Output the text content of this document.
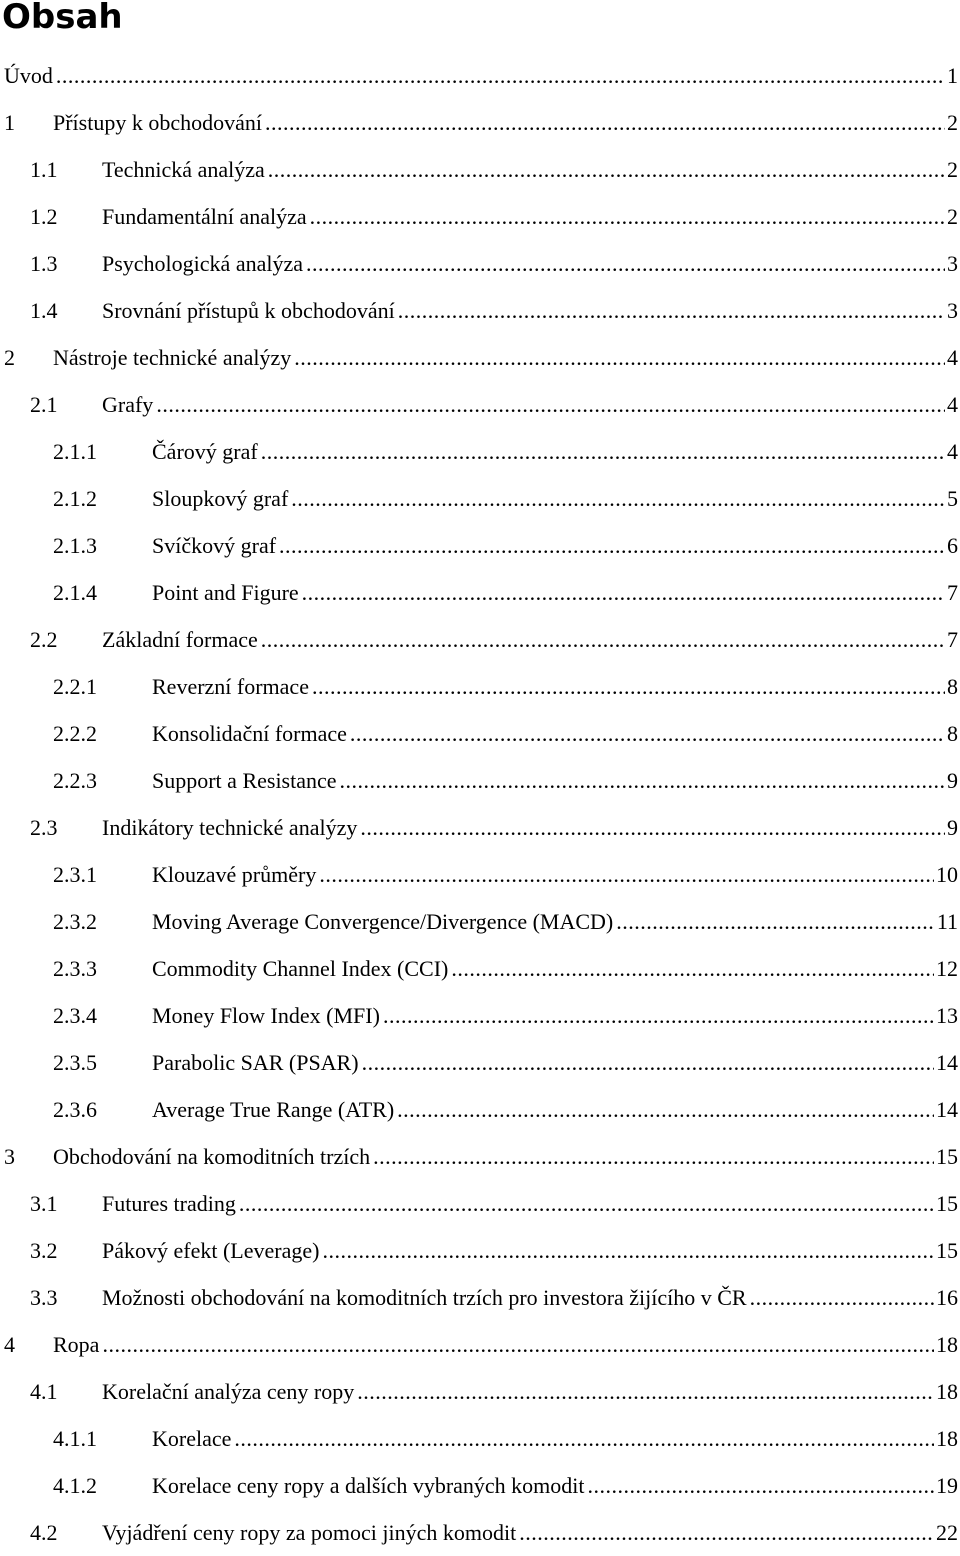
Obsah
Úvod .....	1
1	Přístupy k obchodování .....	2
1.1	Technická analýza .....	2
1.2	Fundamentální analýza .....	2
1.3	Psychologická analýza .....	3
1.4	Srovnání přístupů k obchodování .....	3
2	Nástroje technické analýzy .....	4
2.1	Grafy .....	4
2.1.1	Čárový graf .....	4
2.1.2	Sloupkový graf .....	5
2.1.3	Svíčkový graf .....	6
2.1.4	Point and Figure .....	7
2.2	Základní formace .....	7
2.2.1	Reverzní formace .....	8
2.2.2	Konsolidační formace .....	8
2.2.3	Support a Resistance .....	9
2.3	Indikátory technické analýzy .....	9
2.3.1	Klouzavé průměry .....	10
2.3.2	Moving Average Convergence/Divergence (MACD) .....	11
2.3.3	Commodity Channel Index (CCI) .....	12
2.3.4	Money Flow Index (MFI) .....	13
2.3.5	Parabolic SAR (PSAR) .....	14
2.3.6	Average True Range (ATR) .....	14
3	Obchodování na komoditních trzích .....	15
3.1	Futures trading .....	15
3.2	Pákový efekt (Leverage) .....	15
3.3	Možnosti obchodování na komoditních trzích pro investora žijícího v ČR .....	16
4	Ropa .....	18
4.1	Korelační analýza ceny ropy .....	18
4.1.1	Korelace .....	18
4.1.2	Korelace ceny ropy a dalších vybraných komodit .....	19
4.2	Vyjádření ceny ropy za pomoci jiných komodit .....	22
